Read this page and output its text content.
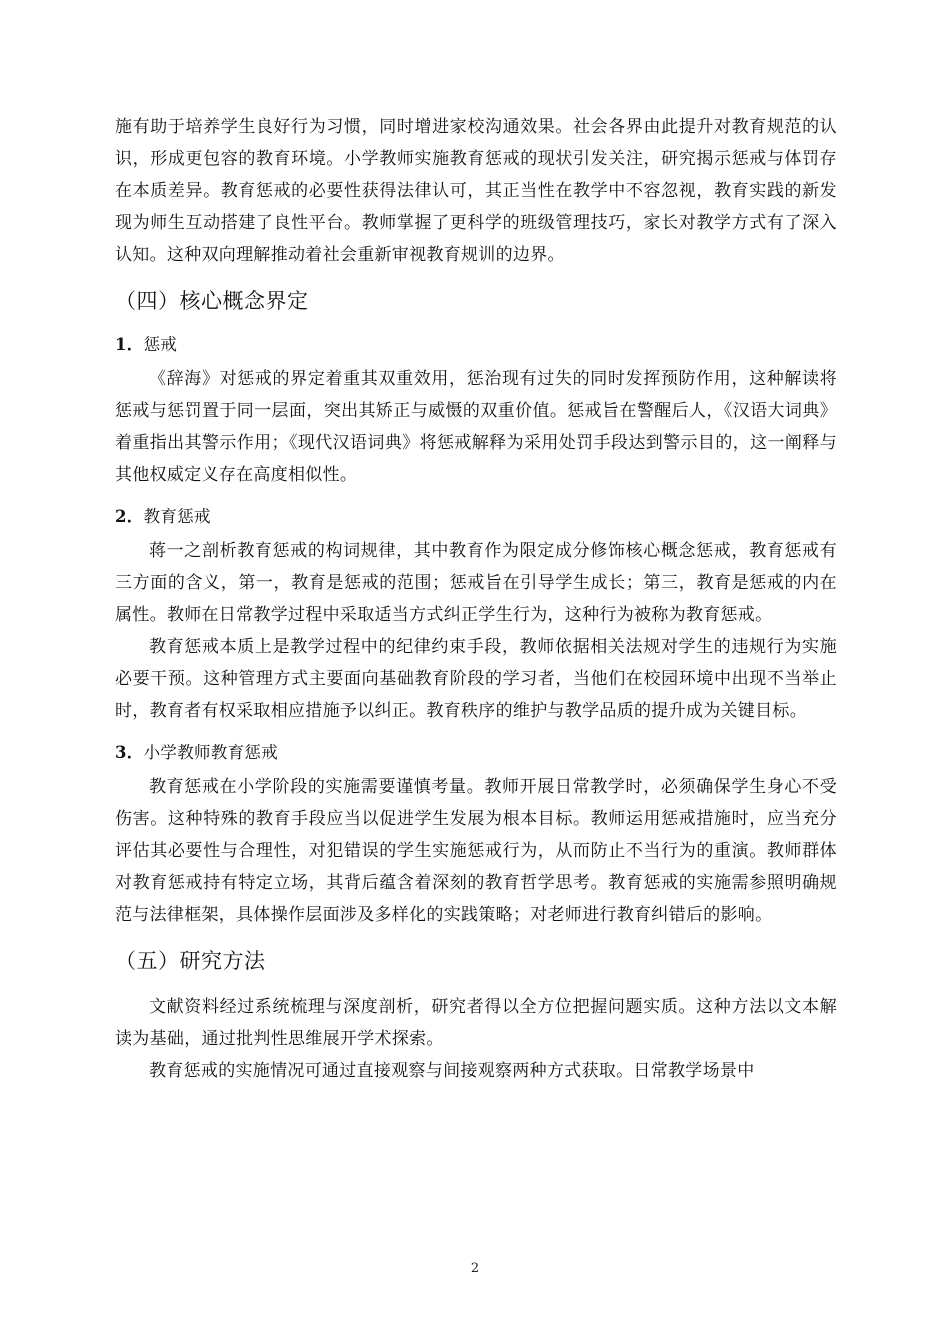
施有助于培养学生良好行为习惯，同时增进家校沟通效果。社会各界由此提升对教育规范的认识，形成更包容的教育环境。小学教师实施教育惩戒的现状引发关注，研究揭示惩戒与体罚存在本质差异。教育惩戒的必要性获得法律认可，其正当性在教学中不容忽视，教育实践的新发现为师生互动搭建了良性平台。教师掌握了更科学的班级管理技巧，家长对教学方式有了深入认知。这种双向理解推动着社会重新审视教育规训的边界。

（四）核心概念界定
1．惩戒

《辞海》对惩戒的界定着重其双重效用，惩治现有过失的同时发挥预防作用，这种解读将惩戒与惩罚置于同一层面，突出其矫正与威慑的双重价值。惩戒旨在警醒后人，《汉语大词典》着重指出其警示作用；《现代汉语词典》将惩戒解释为采用处罚手段达到警示目的，这一阐释与其他权威定义存在高度相似性。

2．教育惩戒

蒋一之剖析教育惩戒的构词规律，其中教育作为限定成分修饰核心概念惩戒，教育惩戒有三方面的含义，第一，教育是惩戒的范围；惩戒旨在引导学生成长；第三，教育是惩戒的内在属性。教师在日常教学过程中采取适当方式纠正学生行为，这种行为被称为教育惩戒。

教育惩戒本质上是教学过程中的纪律约束手段，教师依据相关法规对学生的违规行为实施必要干预。这种管理方式主要面向基础教育阶段的学习者，当他们在校园环境中出现不当举止时，教育者有权采取相应措施予以纠正。教育秩序的维护与教学品质的提升成为关键目标。

3．小学教师教育惩戒

教育惩戒在小学阶段的实施需要谨慎考量。教师开展日常教学时，必须确保学生身心不受伤害。这种特殊的教育手段应当以促进学生发展为根本目标。教师运用惩戒措施时，应当充分评估其必要性与合理性，对犯错误的学生实施惩戒行为，从而防止不当行为的重演。教师群体对教育惩戒持有特定立场，其背后蕴含着深刻的教育哲学思考。教育惩戒的实施需参照明确规范与法律框架，具体操作层面涉及多样化的实践策略；对老师进行教育纠错后的影响。

（五）研究方法

文献资料经过系统梳理与深度剖析，研究者得以全方位把握问题实质。这种方法以文本解读为基础，通过批判性思维展开学术探索。

教育惩戒的实施情况可通过直接观察与间接观察两种方式获取。日常教学场景中

2
